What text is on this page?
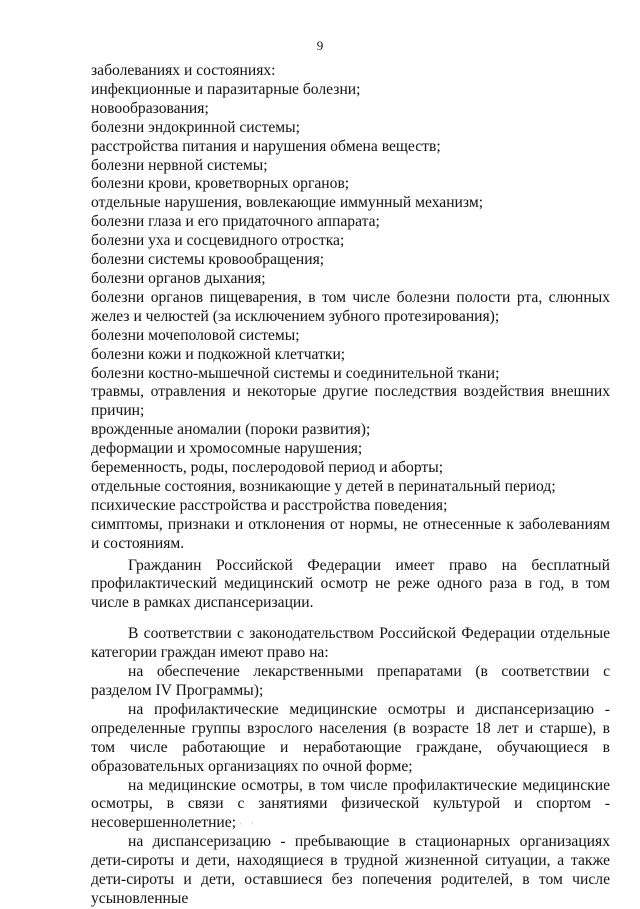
9
заболеваниях и состояниях:
инфекционные и паразитарные болезни;
новообразования;
болезни эндокринной системы;
расстройства питания и нарушения обмена веществ;
болезни нервной системы;
болезни крови, кроветворных органов;
отдельные нарушения, вовлекающие иммунный механизм;
болезни глаза и его придаточного аппарата;
болезни уха и сосцевидного отростка;
болезни системы кровообращения;
болезни органов дыхания;
болезни органов пищеварения, в том числе болезни полости рта, слюнных желез и челюстей (за исключением зубного протезирования);
болезни мочеполовой системы;
болезни кожи и подкожной клетчатки;
болезни костно-мышечной системы и соединительной ткани;
травмы, отравления и некоторые другие последствия воздействия внешних причин;
врожденные аномалии (пороки развития);
деформации и хромосомные нарушения;
беременность, роды, послеродовой период и аборты;
отдельные состояния, возникающие у детей в перинатальный период;
психические расстройства и расстройства поведения;
симптомы, признаки и отклонения от нормы, не отнесенные к заболеваниям и состояниям.
Гражданин Российской Федерации имеет право на бесплатный профилактический медицинский осмотр не реже одного раза в год, в том числе в рамках диспансеризации.
В соответствии с законодательством Российской Федерации отдельные категории граждан имеют право на:
на обеспечение лекарственными препаратами (в соответствии с разделом IV Программы);
на профилактические медицинские осмотры и диспансеризацию - определенные группы взрослого населения (в возрасте 18 лет и старше), в том числе работающие и неработающие граждане, обучающиеся в образовательных организациях по очной форме;
на медицинские осмотры, в том числе профилактические медицинские осмотры, в связи с занятиями физической культурой и спортом - несовершеннолетние;
на диспансеризацию - пребывающие в стационарных организациях дети-сироты и дети, находящиеся в трудной жизненной ситуации, а также дети-сироты и дети, оставшиеся без попечения родителей, в том числе усыновленные
' ' '
